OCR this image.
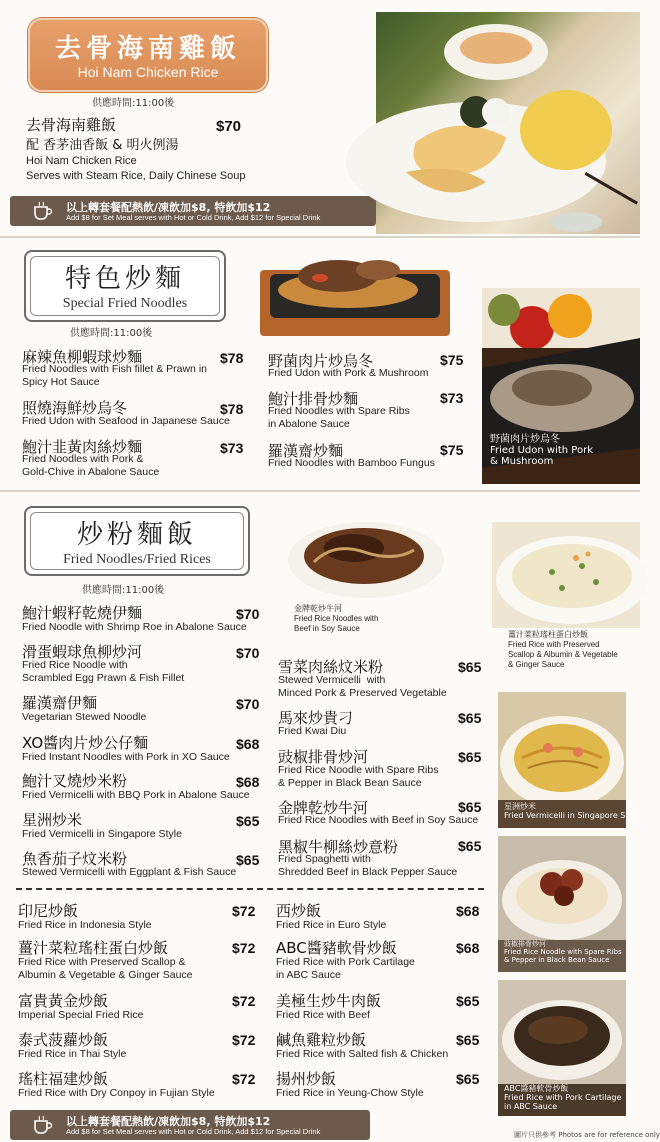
去骨海南雞飯
Hoi Nam Chicken Rice
供應時間:11:00後
去骨海南雞飯	$70
配 香茅油香飯 & 明火例湯
Hoi Nam Chicken Rice
Serves with Steam Rice, Daily Chinese Soup
以上轉套餐配熱飲/凍飲加$8, 特飲加$12
Add $8 for Set Meal serves with Hot or Cold Drink, Add $12 for Special Drink
特色炒麵
Special Fried Noodles
供應時間:11:00後
麻辣魚柳蝦球炒麵	$78
Fried Noodles with Fish fillet & Prawn in
Spicy Hot Sauce
照燒海鮮炒烏冬	$78
Fried Udon with Seafood in Japanese Sauce
鮑汁韭黃肉絲炒麵	$73
Fried Noodles with Pork &
Gold-Chive in Abalone Sauce
野菌肉片炒烏冬	$75
Fried Udon with Pork & Mushroom
鮑汁排骨炒麵	$73
Fried Noodles with Spare Ribs
in Abalone Sauce
羅漢齋炒麵	$75
Fried Noodles with Bamboo Fungus
野菌肉片炒烏冬
Fried Udon with Pork
& Mushroom
炒粉麵飯
Fried Noodles/Fried Rices
供應時間:11:00後
鮑汁蝦籽乾燒伊麵	$70
Fried Noodle with Shrimp Roe in Abalone Sauce
滑蛋蝦球魚柳炒河	$70
Fried Rice Noodle with
Scrambled Egg Prawn & Fish Fillet
羅漢齋伊麵	$70
Vegetarian Stewed Noodle
XO醬肉片炒公仔麵	$68
Fried Instant Noodles with Pork in XO Sauce
鮑汁叉燒炒米粉	$68
Fried Vermicelli with BBQ Pork in Abalone Sauce
星洲炒米	$65
Fried Vermicelli in Singapore Style
魚香茄子炆米粉	$65
Stewed Vermicelli with Eggplant & Fish Sauce
雪菜肉絲炆米粉	$65
Stewed Vermicelli  with
Minced Pork & Preserved Vegetable
馬來炒貴刁	$65
Fried Kwai Diu
豉椒排骨炒河	$65
Fried Rice Noodle with Spare Ribs
& Pepper in Black Bean Sauce
金牌乾炒牛河	$65
Fried Rice Noodles with Beef in Soy Sauce
黑椒牛柳絲炒意粉	$65
Fried Spaghetti with
Shredded Beef in Black Pepper Sauce
金牌乾炒牛河
Fried Rice Noodles with
Beef in Soy Sauce
薑汁菜粒瑤柱蛋白炒飯
Fried Rice with Preserved
Scallop & Albumin & Vegetable
& Ginger Sauce
星洲炒米
Fried Vermicelli in Singapore Style
豉椒排骨炒河
Fried Rice Noodle with Spare Ribs
& Pepper in Black Bean Sauce
ABC醬豬軟骨炒飯
Fried Rice with Pork Cartilage
in ABC Sauce
印尼炒飯	$72
Fried Rice in Indonesia Style
薑汁菜粒瑤柱蛋白炒飯	$72
Fried Rice with Preserved Scallop &
Albumin & Vegetable & Ginger Sauce
富貴黃金炒飯	$72
Imperial Special Fried Rice
泰式菠蘿炒飯	$72
Fried Rice in Thai Style
瑤柱福建炒飯	$72
Fried Rice with Dry Conpoy in Fujian Style
西炒飯	$68
Fried Rice in Euro Style
ABC醬豬軟骨炒飯	$68
Fried Rice with Pork Cartilage
in ABC Sauce
美極生炒牛肉飯	$65
Fried Rice with Beef
鹹魚雞粒炒飯	$65
Fried Rice with Salted fish & Chicken
揚州炒飯	$65
Fried Rice in Yeung-Chow Style
以上轉套餐配熱飲/凍飲加$8, 特飲加$12
Add $8 for Set Meal serves with Hot or Cold Drink, Add $12 for Special Drink	圖片只供參考 Photos are for reference only
